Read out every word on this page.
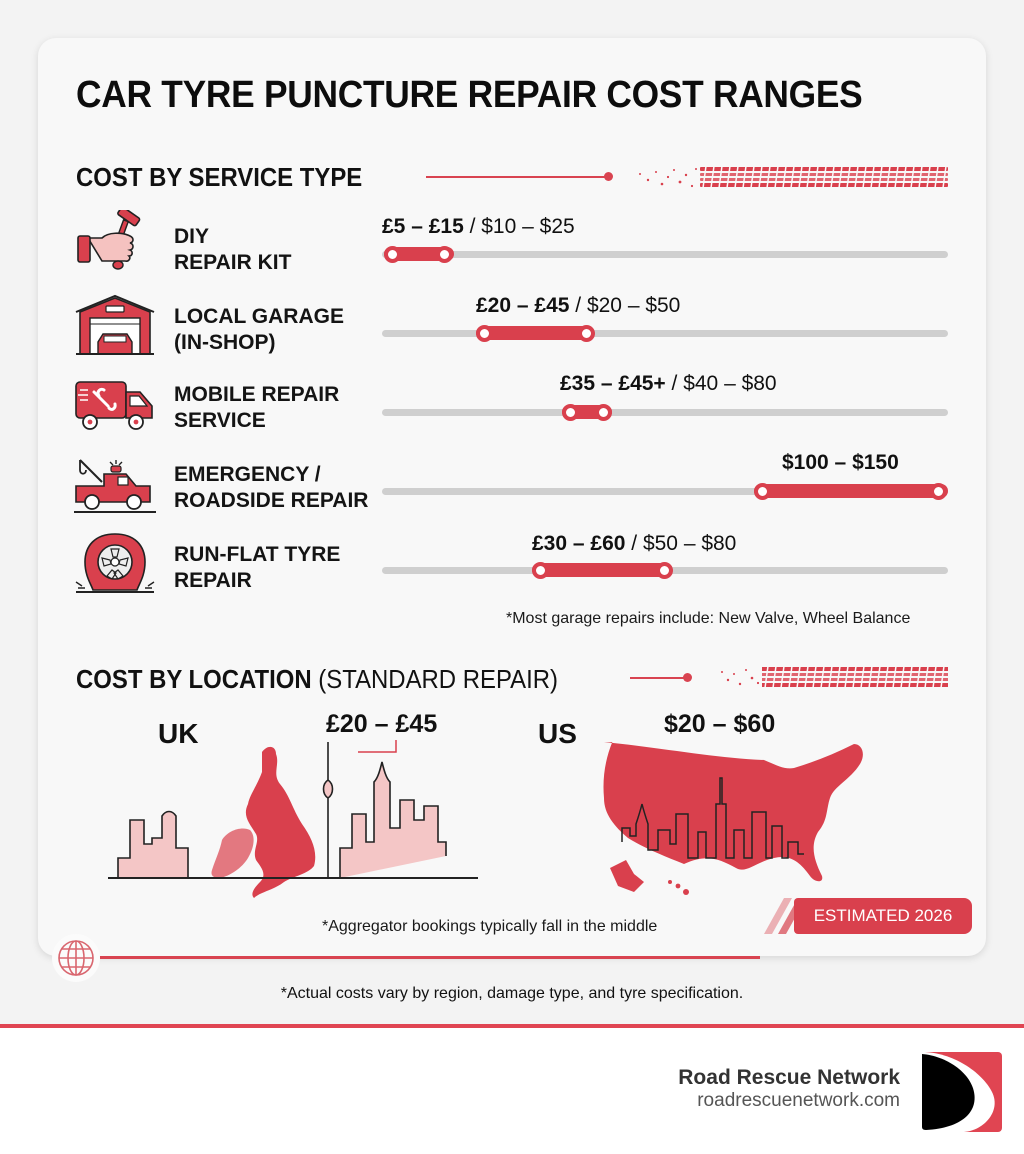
CAR TYRE PUNCTURE REPAIR COST RANGES
COST BY SERVICE TYPE
DIY
REPAIR KIT
£5 – £15 / $10 – $25
LOCAL GARAGE
(IN-SHOP)
£20 – £45 / $20 – $50
MOBILE REPAIR
SERVICE
£35 – £45+ / $40 – $80
EMERGENCY /
ROADSIDE REPAIR
$100 – $150
RUN-FLAT TYRE
REPAIR
£30 – £60 / $50 – $80
*Most garage repairs include: New Valve, Wheel Balance
COST BY LOCATION (STANDARD REPAIR)
UK	£20 – £45	US	$20 – $60
*Aggregator bookings typically fall in the middle
ESTIMATED 2026
*Actual costs vary by region, damage type, and tyre specification.
Road Rescue Network
roadrescuenetwork.com
